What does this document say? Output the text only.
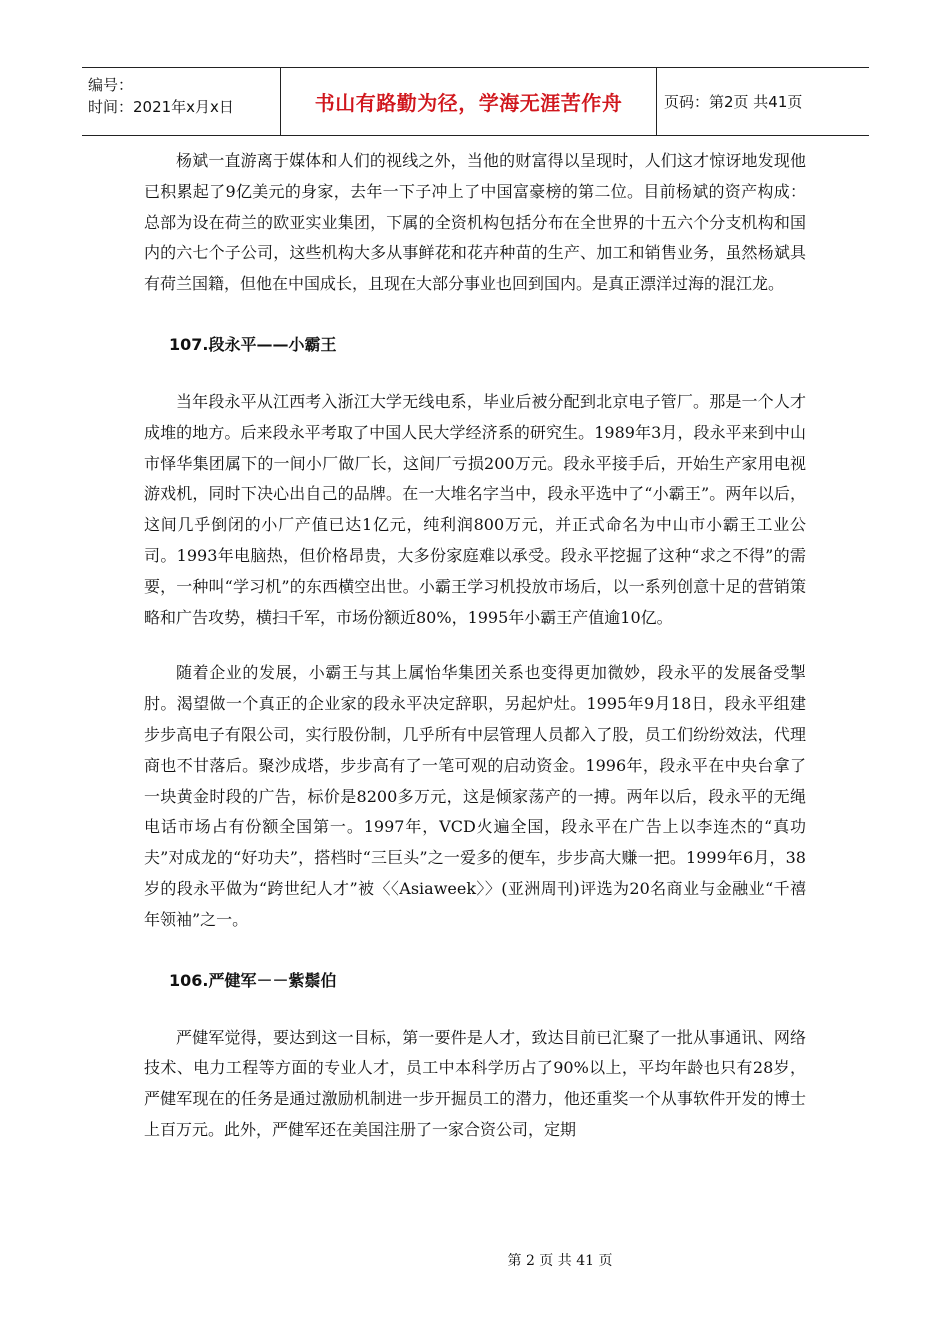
编号：
时间：2021年x月x日	书山有路勤为径，学海无涯苦作舟	页码：第2页 共41页

杨斌一直游离于媒体和人们的视线之外，当他的财富得以呈现时，人们这才惊讶地发现他已积累起了9亿美元的身家，去年一下子冲上了中国富豪榜的第二位。目前杨斌的资产构成：总部为设在荷兰的欧亚实业集团，下属的全资机构包括分布在全世界的十五六个分支机构和国内的六七个子公司，这些机构大多从事鲜花和花卉种苗的生产、加工和销售业务，虽然杨斌具有荷兰国籍，但他在中国成长，且现在大部分事业也回到国内。是真正漂洋过海的混江龙。

107.段永平——小霸王

当年段永平从江西考入浙江大学无线电系，毕业后被分配到北京电子管厂。那是一个人才成堆的地方。后来段永平考取了中国人民大学经济系的研究生。1989年3月，段永平来到中山市怿华集团属下的一间小厂做厂长，这间厂亏损200万元。段永平接手后，开始生产家用电视游戏机，同时下决心出自己的品牌。在一大堆名字当中，段永平选中了“小霸王”。两年以后，这间几乎倒闭的小厂产值已达1亿元，纯利润800万元，并正式命名为中山市小霸王工业公司。1993年电脑热，但价格昂贵，大多份家庭难以承受。段永平挖掘了这种“求之不得”的需要，一种叫“学习机”的东西横空出世。小霸王学习机投放市场后，以一系列创意十足的营销策略和广告攻势，横扫千军，市场份额近80%，1995年小霸王产值逾10亿。

随着企业的发展，小霸王与其上属怡华集团关系也变得更加微妙，段永平的发展备受掣肘。渴望做一个真正的企业家的段永平决定辞职，另起炉灶。1995年9月18日，段永平组建步步高电子有限公司，实行股份制，几乎所有中层管理人员都入了股，员工们纷纷效法，代理商也不甘落后。聚沙成塔，步步高有了一笔可观的启动资金。1996年，段永平在中央台拿了一块黄金时段的广告，标价是8200多万元，这是倾家荡产的一搏。两年以后，段永平的无绳电话市场占有份额全国第一。1997年，VCD火遍全国，段永平在广告上以李连杰的“真功夫”对成龙的“好功夫”，搭档时“三巨头”之一爱多的便车，步步高大赚一把。1999年6月，38岁的段永平做为“跨世纪人才”被〈〈Asiaweek〉〉(亚洲周刊)评选为20名商业与金融业“千禧年领袖”之一。

106.严健军－－紫鬃伯

严健军觉得，要达到这一目标，第一要件是人才，致达目前已汇聚了一批从事通讯、网络技术、电力工程等方面的专业人才，员工中本科学历占了90%以上，平均年龄也只有28岁，严健军现在的任务是通过激励机制进一步开掘员工的潜力，他还重奖一个从事软件开发的博士上百万元。此外，严健军还在美国注册了一家合资公司，定期

第 2 页 共 41 页
